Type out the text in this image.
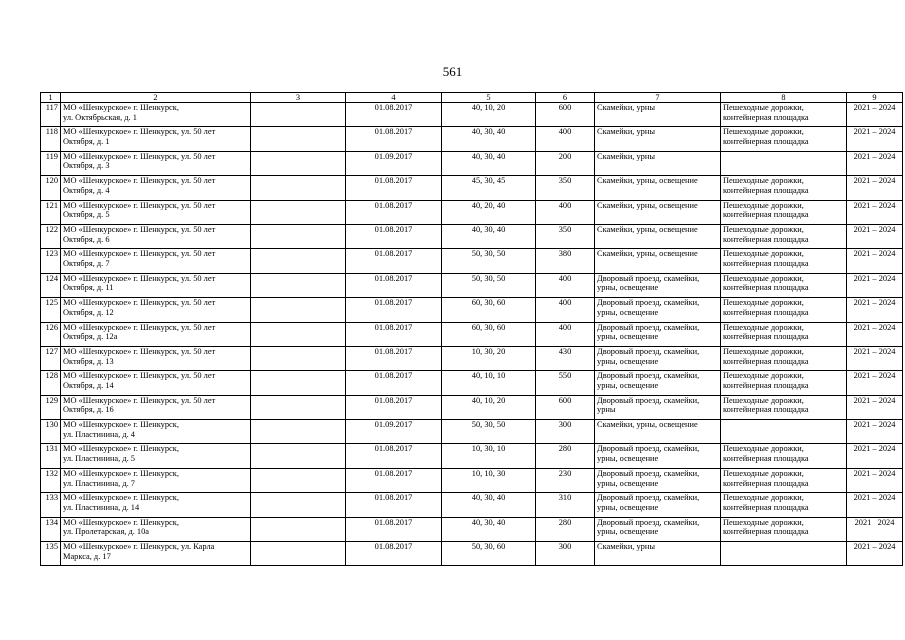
561
1	2	3	4	5	6	7	8	9
117	МО «Шенкурское» г. Шенкурск,
ул. Октябрьская, д. 1		01.08.2017	40, 10, 20	600	Скамейки, урны	Пешеходные дорожки,
контейнерная площадка	2021 – 2024
118	МО «Шенкурское» г. Шенкурск, ул. 50 лет
Октября, д. 1		01.08.2017	40, 30, 40	400	Скамейки, урны	Пешеходные дорожки,
контейнерная площадка	2021 – 2024
119	МО «Шенкурское» г. Шенкурск, ул. 50 лет
Октября, д. 3		01.09.2017	40, 30, 40	200	Скамейки, урны		2021 – 2024
120	МО «Шенкурское» г. Шенкурск, ул. 50 лет
Октября, д. 4		01.08.2017	45, 30, 45	350	Скамейки, урны, освещение	Пешеходные дорожки,
контейнерная площадка	2021 – 2024
121	МО «Шенкурское» г. Шенкурск, ул. 50 лет
Октября, д. 5		01.08.2017	40, 20, 40	400	Скамейки, урны, освещение	Пешеходные дорожки,
контейнерная площадка	2021 – 2024
122	МО «Шенкурское» г. Шенкурск, ул. 50 лет
Октября, д. 6		01.08.2017	40, 30, 40	350	Скамейки, урны, освещение	Пешеходные дорожки,
контейнерная площадка	2021 – 2024
123	МО «Шенкурское» г. Шенкурск, ул. 50 лет
Октября, д. 7		01.08.2017	50, 30, 50	380	Скамейки, урны, освещение	Пешеходные дорожки,
контейнерная площадка	2021 – 2024
124	МО «Шенкурское» г. Шенкурск, ул. 50 лет
Октября, д. 11		01.08.2017	50, 30, 50	400	Дворовый проезд, скамейки,
урны, освещение	Пешеходные дорожки,
контейнерная площадка	2021 – 2024
125	МО «Шенкурское» г. Шенкурск, ул. 50 лет
Октября, д. 12		01.08.2017	60, 30, 60	400	Дворовый проезд, скамейки,
урны, освещение	Пешеходные дорожки,
контейнерная площадка	2021 – 2024
126	МО «Шенкурское» г. Шенкурск, ул. 50 лет
Октября, д. 12а		01.08.2017	60, 30, 60	400	Дворовый проезд, скамейки,
урны, освещение	Пешеходные дорожки,
контейнерная площадка	2021 – 2024
127	МО «Шенкурское» г. Шенкурск, ул. 50 лет
Октября, д. 13		01.08.2017	10, 30, 20	430	Дворовый проезд, скамейки,
урны, освещение	Пешеходные дорожки,
контейнерная площадка	2021 – 2024
128	МО «Шенкурское» г. Шенкурск, ул. 50 лет
Октября, д. 14		01.08.2017	40, 10, 10	550	Дворовый проезд, скамейки,
урны, освещение	Пешеходные дорожки,
контейнерная площадка	2021 – 2024
129	МО «Шенкурское» г. Шенкурск, ул. 50 лет
Октября, д. 16		01.08.2017	40, 10, 20	600	Дворовый проезд, скамейки,
урны	Пешеходные дорожки,
контейнерная площадка	2021 – 2024
130	МО «Шенкурское» г. Шенкурск,
ул. Пластинина, д. 4		01.09.2017	50, 30, 50	300	Скамейки, урны, освещение		2021 – 2024
131	МО «Шенкурское» г. Шенкурск,
ул. Пластинина, д. 5		01.08.2017	10, 30, 10	280	Дворовый проезд, скамейки,
урны, освещение	Пешеходные дорожки,
контейнерная площадка	2021 – 2024
132	МО «Шенкурское» г. Шенкурск,
ул. Пластинина, д. 7		01.08.2017	10, 10, 30	230	Дворовый проезд, скамейки,
урны, освещение	Пешеходные дорожки,
контейнерная площадка	2021 – 2024
133	МО «Шенкурское» г. Шенкурск,
ул. Пластинина, д. 14		01.08.2017	40, 30, 40	310	Дворовый проезд, скамейки,
урны, освещение	Пешеходные дорожки,
контейнерная площадка	2021 – 2024
134	МО «Шенкурское» г. Шенкурск,
ул. Пролетарская, д. 10а		01.08.2017	40, 30, 40	280	Дворовый проезд, скамейки,
урны, освещение	Пешеходные дорожки,
контейнерная площадка	2021   2024
135	МО «Шенкурское» г. Шенкурск, ул. Карла
Маркса, д. 17		01.08.2017	50, 30, 60	300	Скамейки, урны		2021 – 2024
